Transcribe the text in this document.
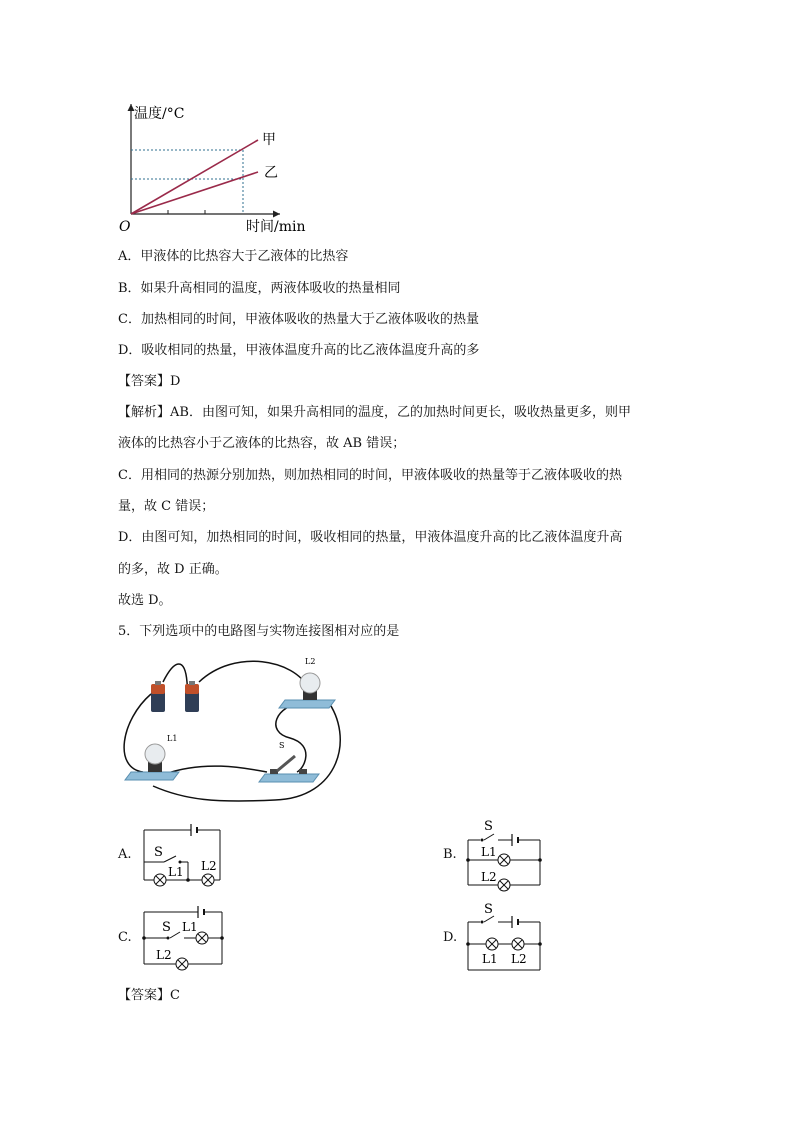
温度/°C
时间/min
O
甲
乙
A．甲液体的比热容大于乙液体的比热容
B．如果升高相同的温度，两液体吸收的热量相同
C．加热相同的时间，甲液体吸收的热量大于乙液体吸收的热量
D．吸收相同的热量，甲液体温度升高的比乙液体温度升高的多
【答案】D
【解析】AB．由图可知，如果升高相同的温度，乙的加热时间更长，吸收热量更多，则甲
液体的比热容小于乙液体的比热容，故 AB 错误；
C．用相同的热源分别加热，则加热相同的时间，甲液体吸收的热量等于乙液体吸收的热
量，故 C 错误；
D．由图可知，加热相同的时间，吸收相同的热量，甲液体温度升高的比乙液体温度升高
的多，故 D 正确。
故选 D。
5．下列选项中的电路图与实物连接图相对应的是
L2
L1
S
A. S
L1 L2
B.
S
L1
L2
C.
S L1
L2
D.
S
L1 L2
【答案】C
